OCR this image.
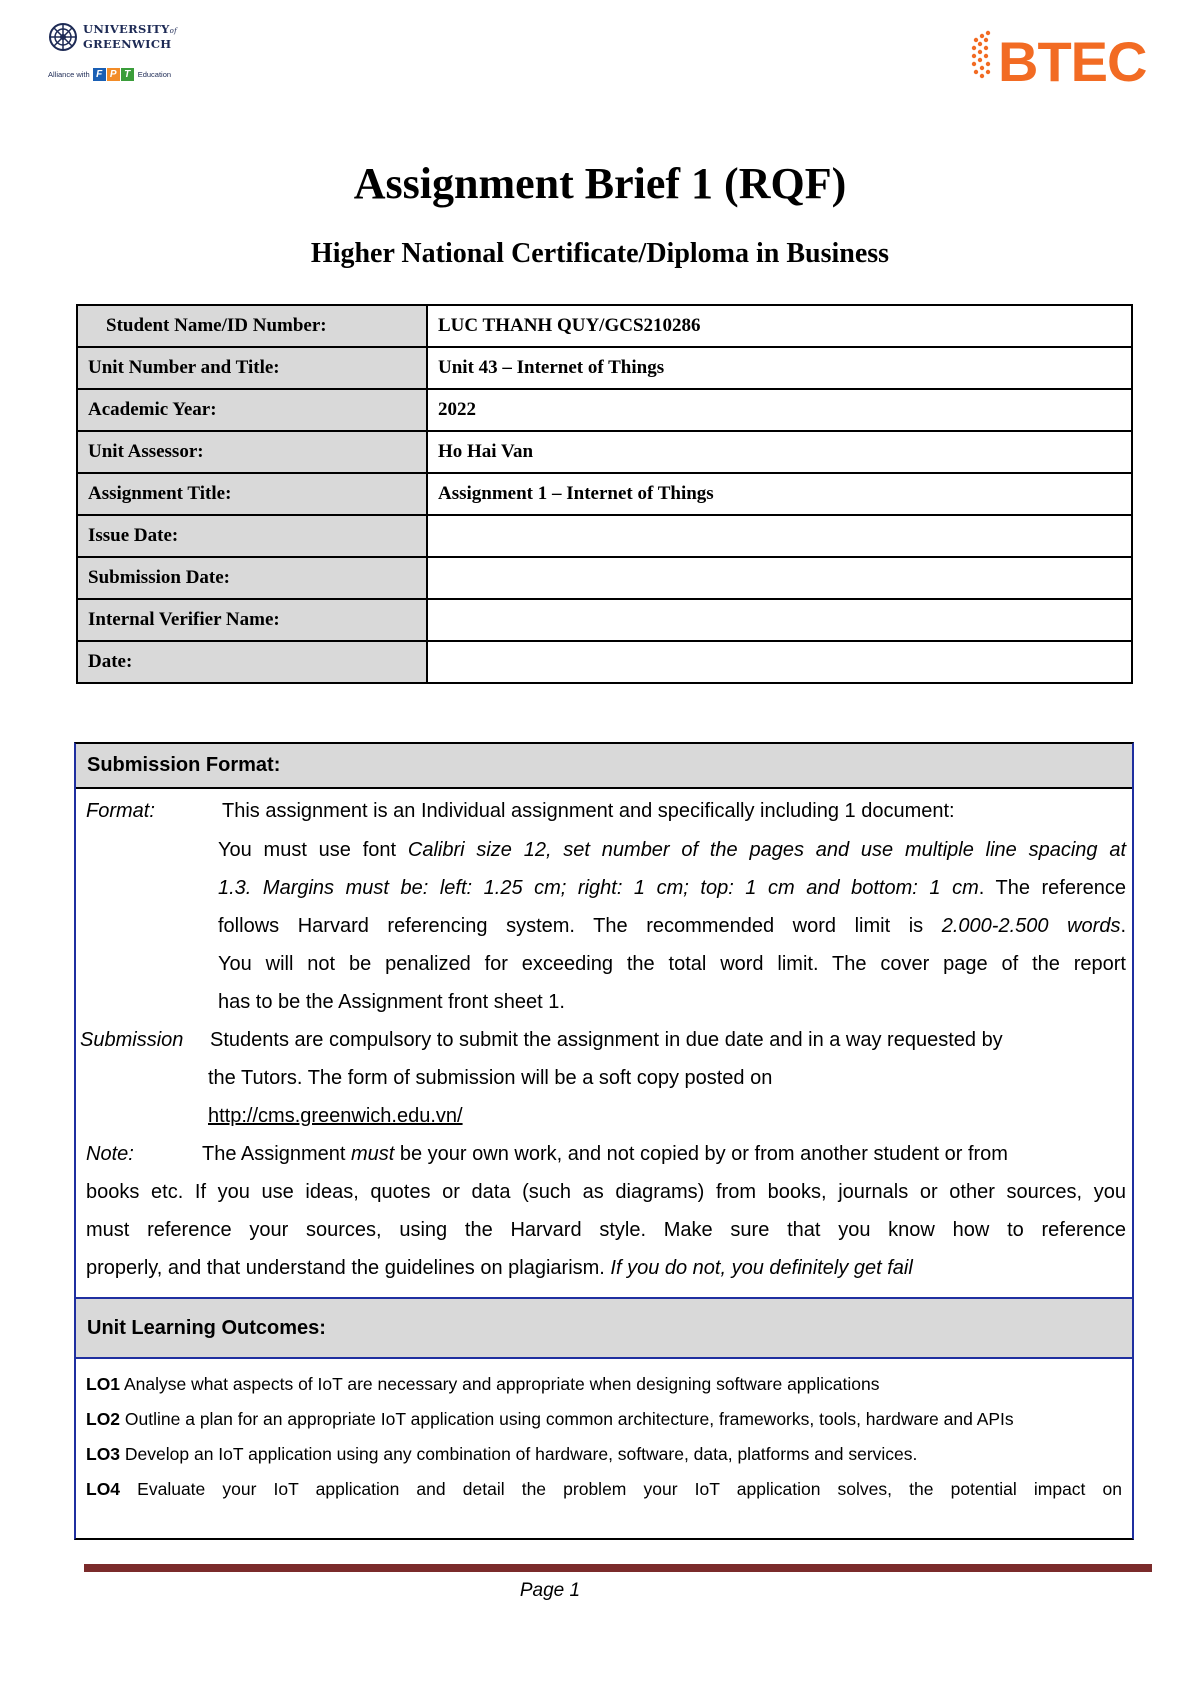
UNIVERSITYof
GREENWICH
Alliance with F P T Education	BTEC
Assignment Brief 1 (RQF)
Higher National Certificate/Diploma in Business
Student Name/ID Number:	LUC THANH QUY/GCS210286
Unit Number and Title:	Unit 43 – Internet of Things
Academic Year:	2022
Unit Assessor:	Ho Hai Van
Assignment Title:	Assignment 1 – Internet of Things
Issue Date:	
Submission Date:	
Internal Verifier Name:	
Date:	
Submission Format:
Format:	This assignment is an Individual assignment and specifically including 1 document:
You must use font Calibri size 12, set number of the pages and use multiple line spacing at
1.3. Margins must be: left: 1.25 cm; right: 1 cm; top: 1 cm and bottom: 1 cm. The reference
follows Harvard referencing system. The recommended word limit is 2.000-2.500 words.
You will not be penalized for exceeding the total word limit. The cover page of the report
has to be the Assignment front sheet 1.
Submission Students are compulsory to submit the assignment in due date and in a way requested by
the Tutors. The form of submission will be a soft copy posted on
http://cms.greenwich.edu.vn/
Note:	The Assignment must be your own work, and not copied by or from another student or from
books etc. If you use ideas, quotes or data (such as diagrams) from books, journals or other sources, you
must reference your sources, using the Harvard style. Make sure that you know how to reference
properly, and that understand the guidelines on plagiarism. If you do not, you definitely get fail
Unit Learning Outcomes:

LO1 Analyse what aspects of IoT are necessary and appropriate when designing software applications

LO2 Outline a plan for an appropriate IoT application using common architecture, frameworks, tools, hardware and APIs

LO3 Develop an IoT application using any combination of hardware, software, data, platforms and services.

LO4 Evaluate your IoT application and detail the problem your IoT application solves, the potential impact on

Page 1
